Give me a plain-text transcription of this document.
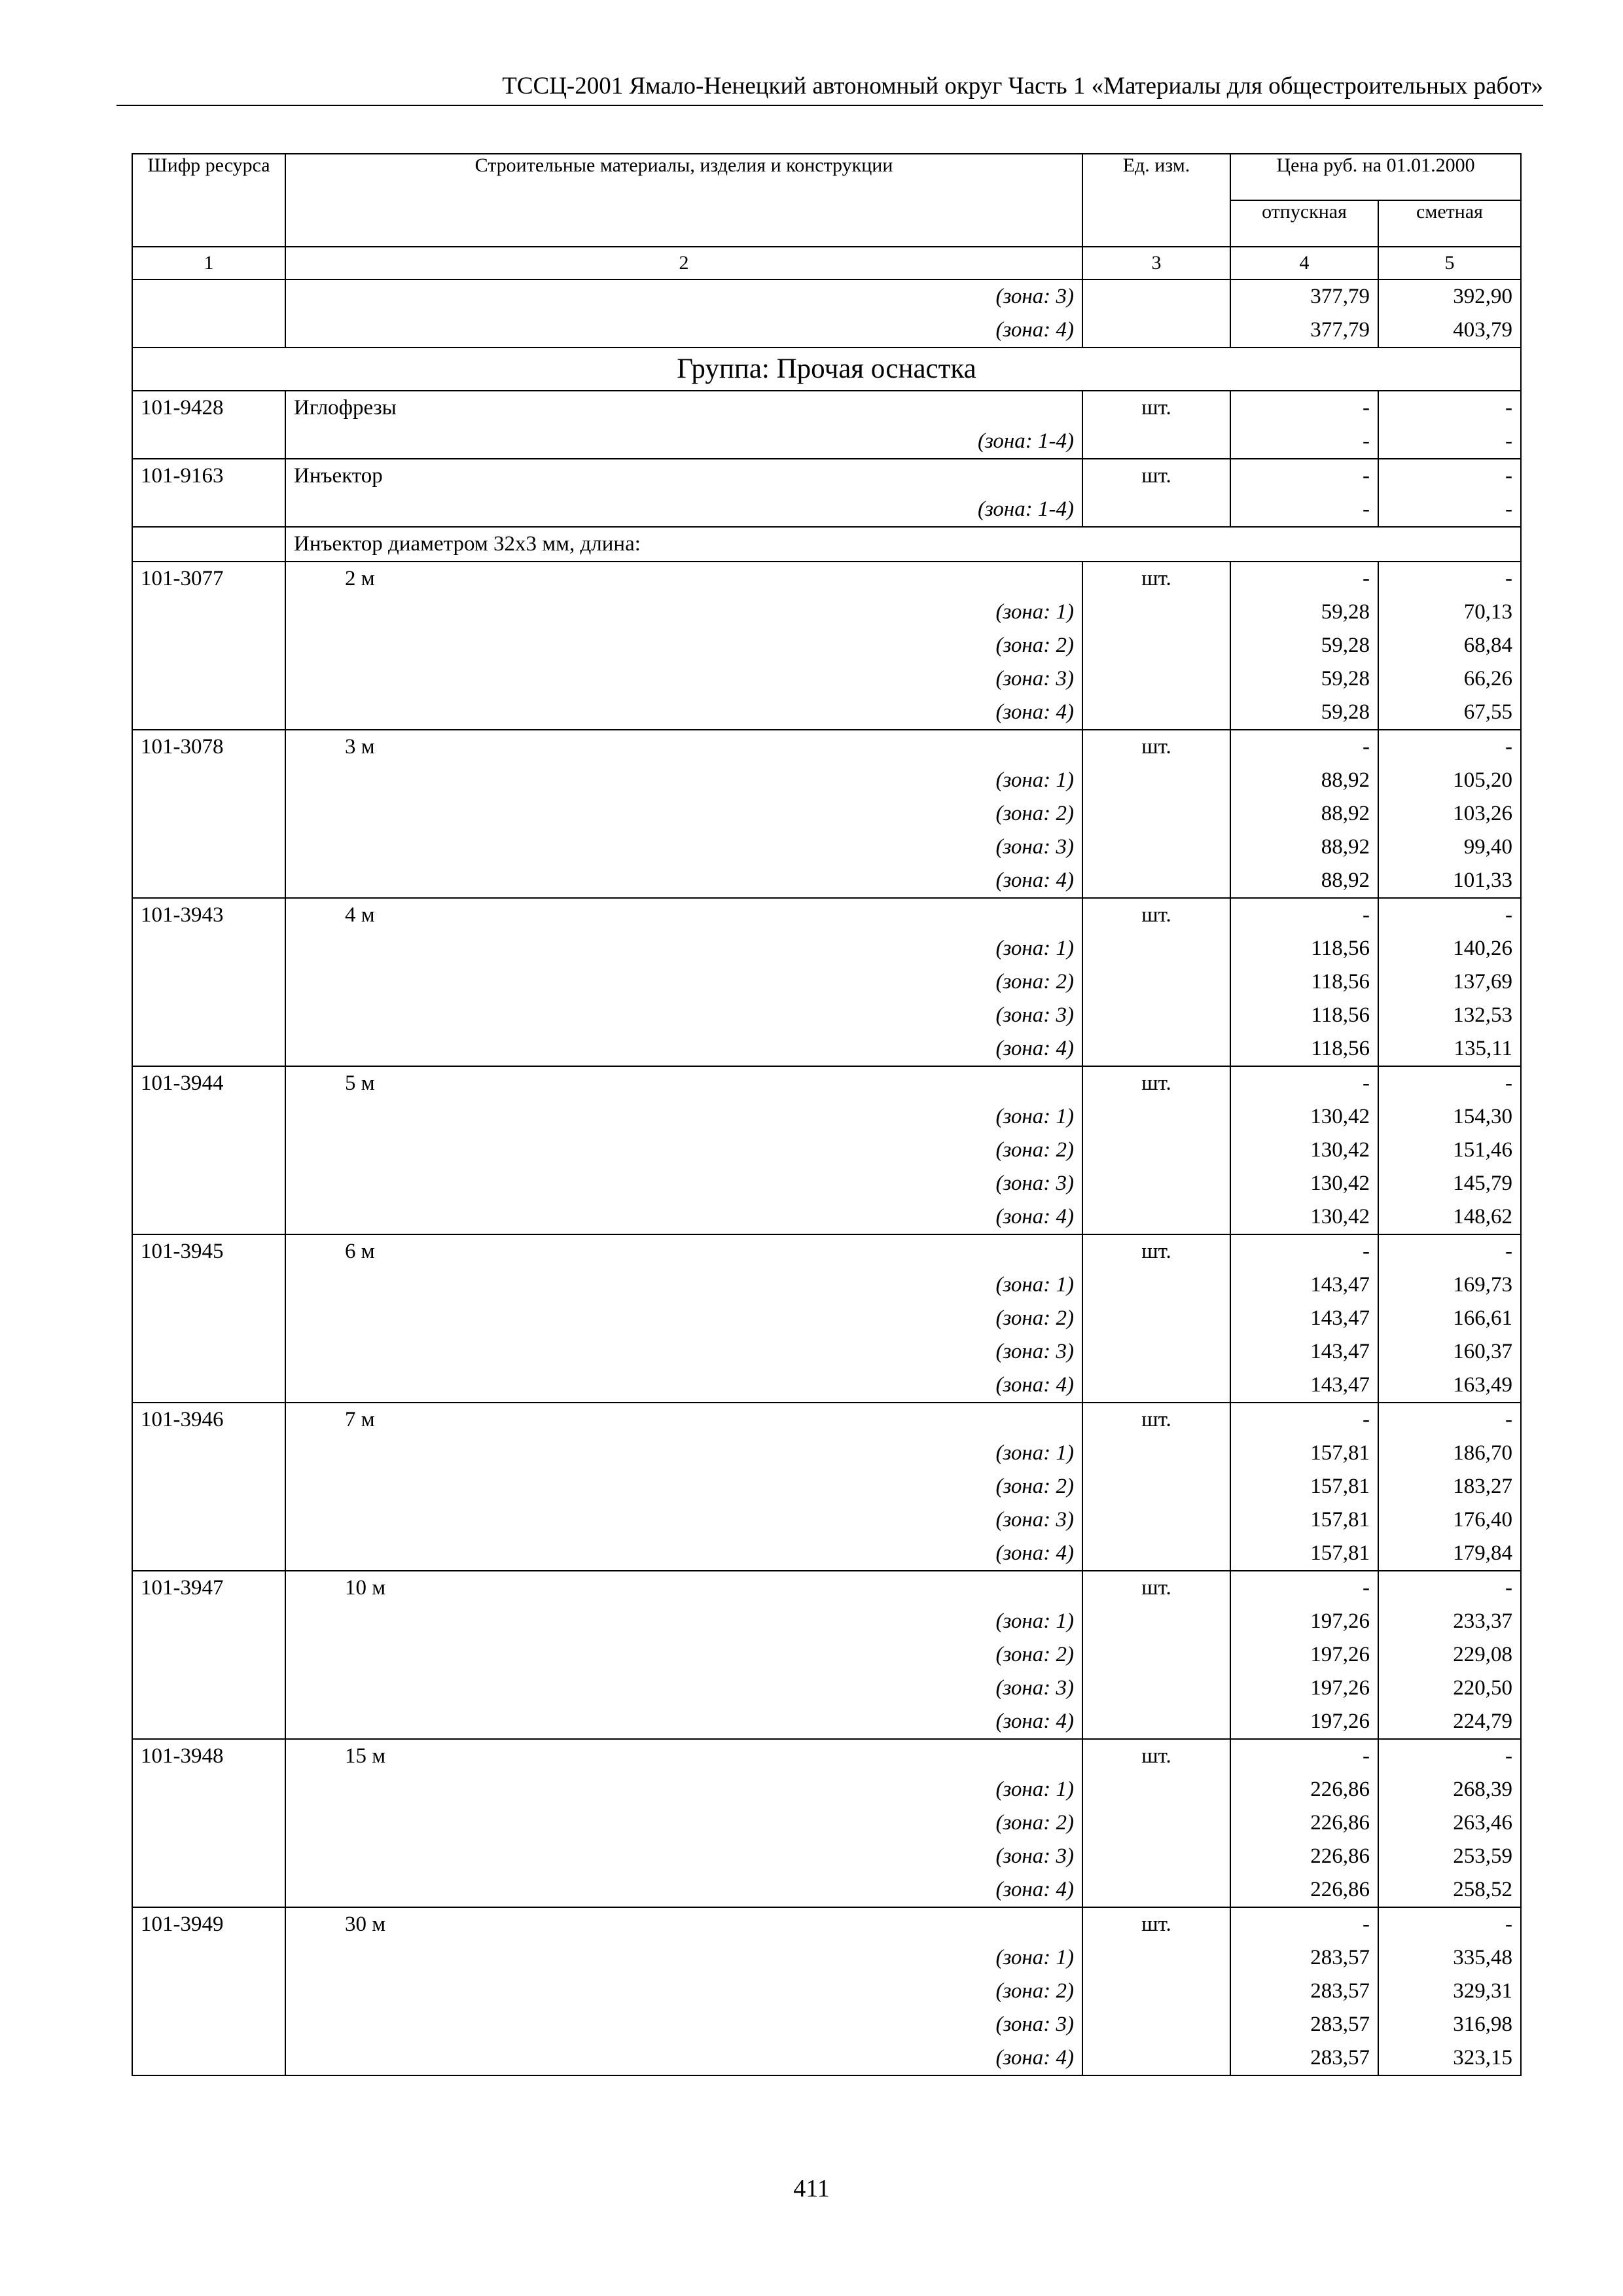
ТССЦ-2001 Ямало-Ненецкий автономный округ Часть 1 «Материалы для общестроительных работ»
Шифр ресурса	Строительные материалы, изделия и конструкции	Ед. изм.	Цена руб. на 01.01.2000	
			отпускная	сметная
1	2	3	4	5
	(зона: 3)		377,79	392,90
	(зона: 4)		377,79	403,79
Группа: Прочая оснастка				
101-9428	Иглофрезы	шт.	-	-
	(зона: 1-4)		-	-
101-9163	Инъектор	шт.	-	-
	(зона: 1-4)		-	-
	Инъектор диаметром 32х3 мм, длина:			
101-3077	2 м	шт.	-	-
	(зона: 1)		59,28	70,13
	(зона: 2)		59,28	68,84
	(зона: 3)		59,28	66,26
	(зона: 4)		59,28	67,55
101-3078	3 м	шт.	-	-
	(зона: 1)		88,92	105,20
	(зона: 2)		88,92	103,26
	(зона: 3)		88,92	99,40
	(зона: 4)		88,92	101,33
101-3943	4 м	шт.	-	-
	(зона: 1)		118,56	140,26
	(зона: 2)		118,56	137,69
	(зона: 3)		118,56	132,53
	(зона: 4)		118,56	135,11
101-3944	5 м	шт.	-	-
	(зона: 1)		130,42	154,30
	(зона: 2)		130,42	151,46
	(зона: 3)		130,42	145,79
	(зона: 4)		130,42	148,62
101-3945	6 м	шт.	-	-
	(зона: 1)		143,47	169,73
	(зона: 2)		143,47	166,61
	(зона: 3)		143,47	160,37
	(зона: 4)		143,47	163,49
101-3946	7 м	шт.	-	-
	(зона: 1)		157,81	186,70
	(зона: 2)		157,81	183,27
	(зона: 3)		157,81	176,40
	(зона: 4)		157,81	179,84
101-3947	10 м	шт.	-	-
	(зона: 1)		197,26	233,37
	(зона: 2)		197,26	229,08
	(зона: 3)		197,26	220,50
	(зона: 4)		197,26	224,79
101-3948	15 м	шт.	-	-
	(зона: 1)		226,86	268,39
	(зона: 2)		226,86	263,46
	(зона: 3)		226,86	253,59
	(зона: 4)		226,86	258,52
101-3949	30 м	шт.	-	-
	(зона: 1)		283,57	335,48
	(зона: 2)		283,57	329,31
	(зона: 3)		283,57	316,98
	(зона: 4)		283,57	323,15
411
